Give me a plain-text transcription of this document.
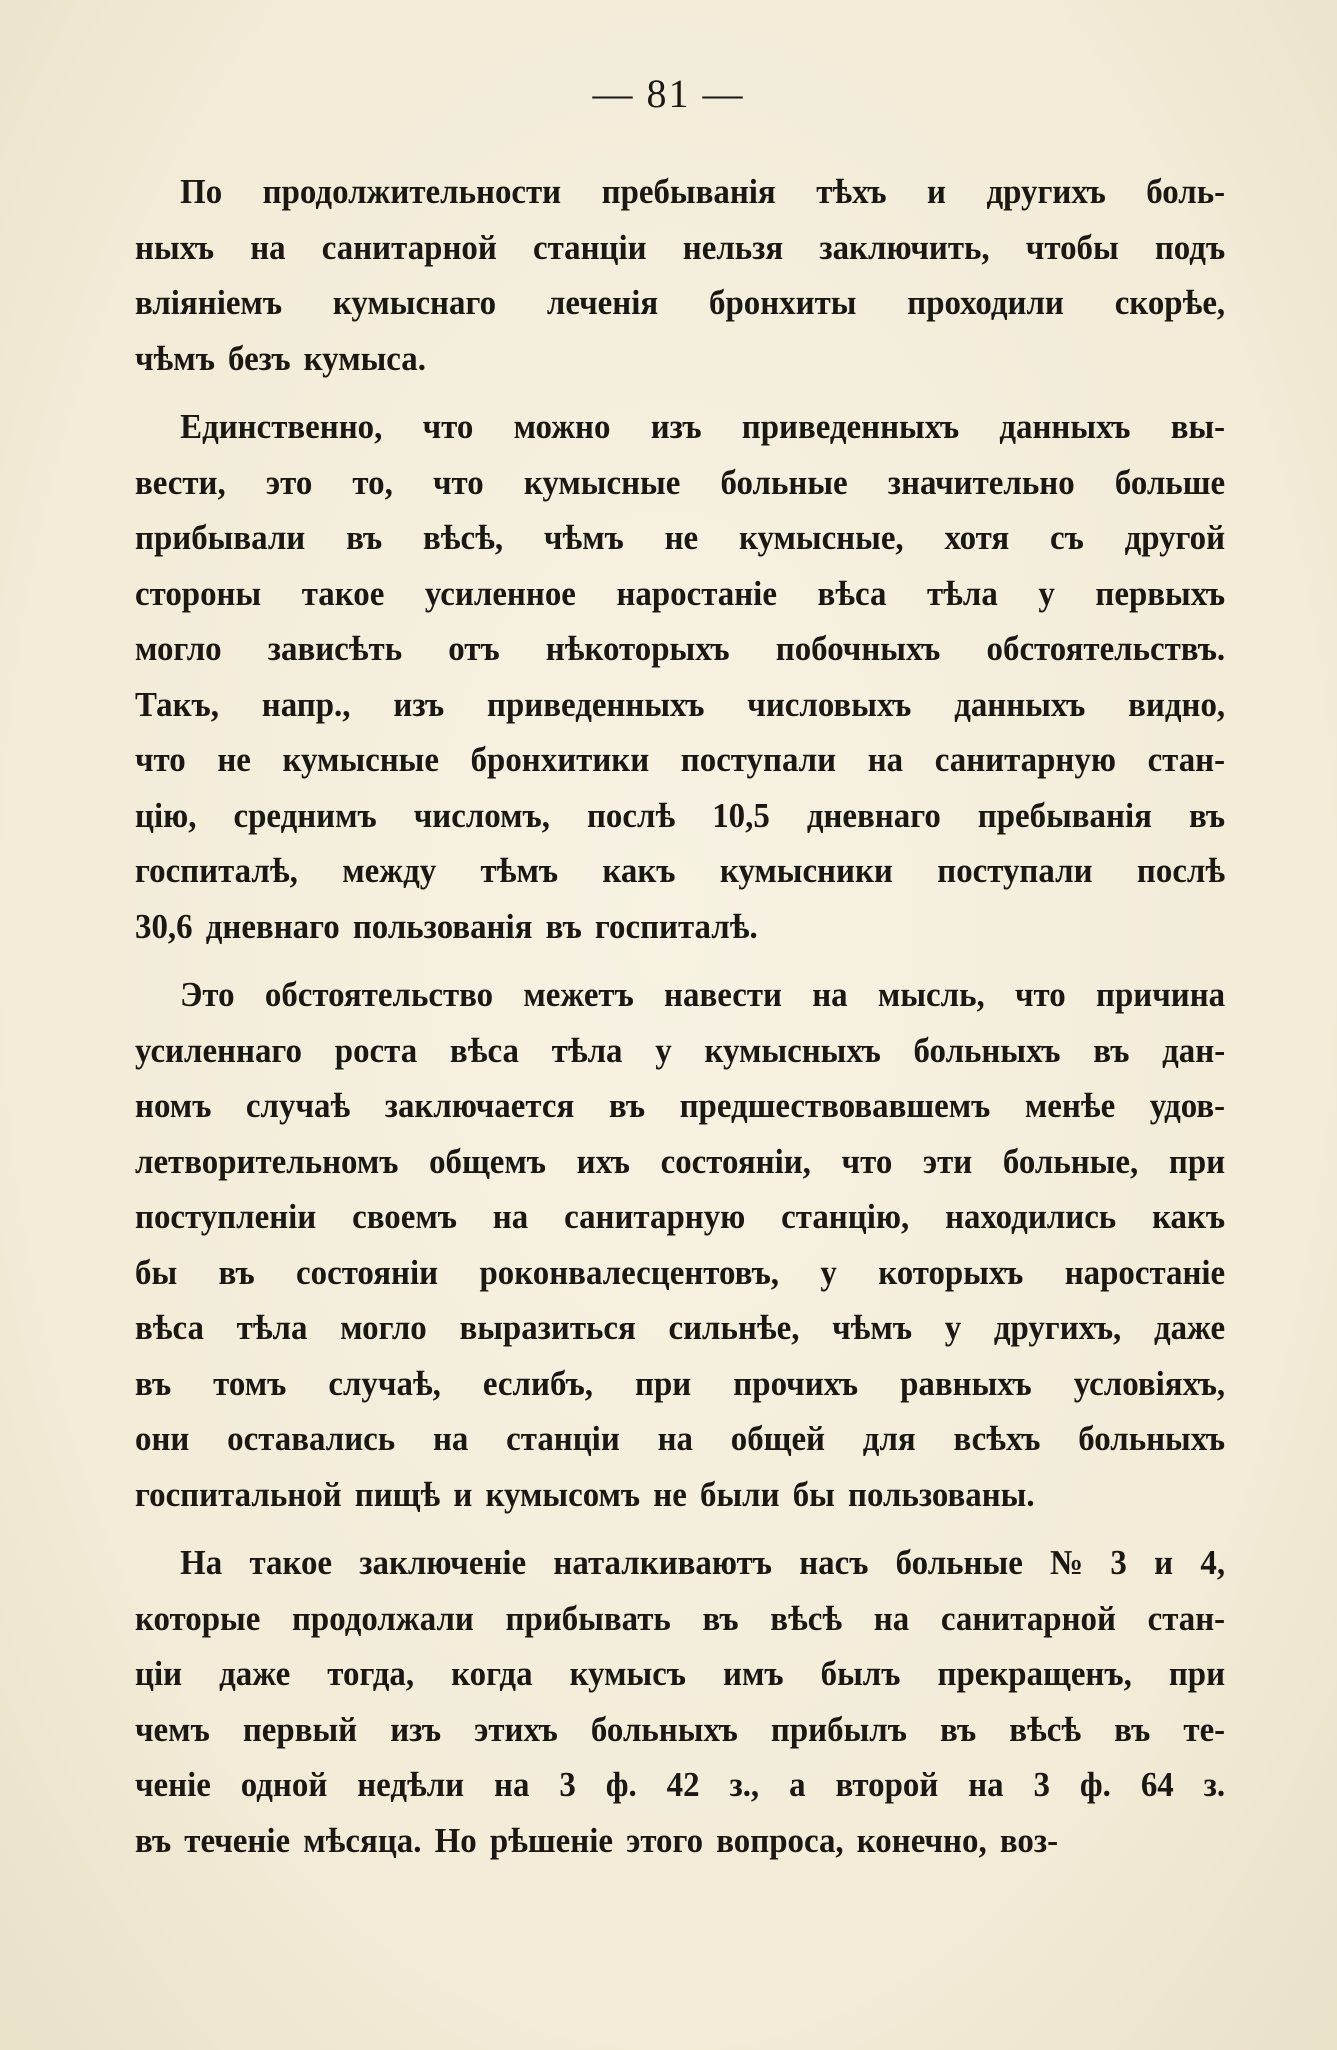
— 81 —
По продолжительности пребыванія тѣхъ и другихъ боль-
ныхъ на санитарной станціи нельзя заключить, чтобы подъ
вліяніемъ кумыснаго леченія бронхиты проходили скорѣе,
чѣмъ безъ кумыса.
Единственно, что можно изъ приведенныхъ данныхъ вы-
вести, это то, что кумысные больные значительно больше
прибывали въ вѣсѣ, чѣмъ не кумысные, хотя съ другой
стороны такое усиленное наростаніе вѣса тѣла у первыхъ
могло зависѣть отъ нѣкоторыхъ побочныхъ обстоятельствъ.
Такъ, напр., изъ приведенныхъ числовыхъ данныхъ видно,
что не кумысные бронхитики поступали на санитарную стан-
цію, среднимъ числомъ, послѣ 10,5 дневнаго пребыванія въ
госпиталѣ, между тѣмъ какъ кумысники поступали послѣ
30,6 дневнаго пользованія въ госпиталѣ.
Это обстоятельство межетъ навести на мысль, что причина
усиленнаго роста вѣса тѣла у кумысныхъ больныхъ въ дан-
номъ случаѣ заключается въ предшествовавшемъ менѣе удов-
летворительномъ общемъ ихъ состояніи, что эти больные, при
поступленіи своемъ на санитарную станцію, находились какъ
бы въ состояніи роконвалесцентовъ, у которыхъ наростаніе
вѣса тѣла могло выразиться сильнѣе, чѣмъ у другихъ, даже
въ томъ случаѣ, еслибъ, при прочихъ равныхъ условіяхъ,
они оставались на станціи на общей для всѣхъ больныхъ
госпитальной пищѣ и кумысомъ не были бы пользованы.
На такое заключеніе наталкиваютъ насъ больные № 3 и 4,
которые продолжали прибывать въ вѣсѣ на санитарной стан-
ціи даже тогда, когда кумысъ имъ былъ прекращенъ, при
чемъ первый изъ этихъ больныхъ прибылъ въ вѣсѣ въ те-
ченіе одной недѣли на 3 ф. 42 з., а второй на 3 ф. 64 з.
въ теченіе мѣсяца. Но рѣшеніе этого вопроса, конечно, воз-
